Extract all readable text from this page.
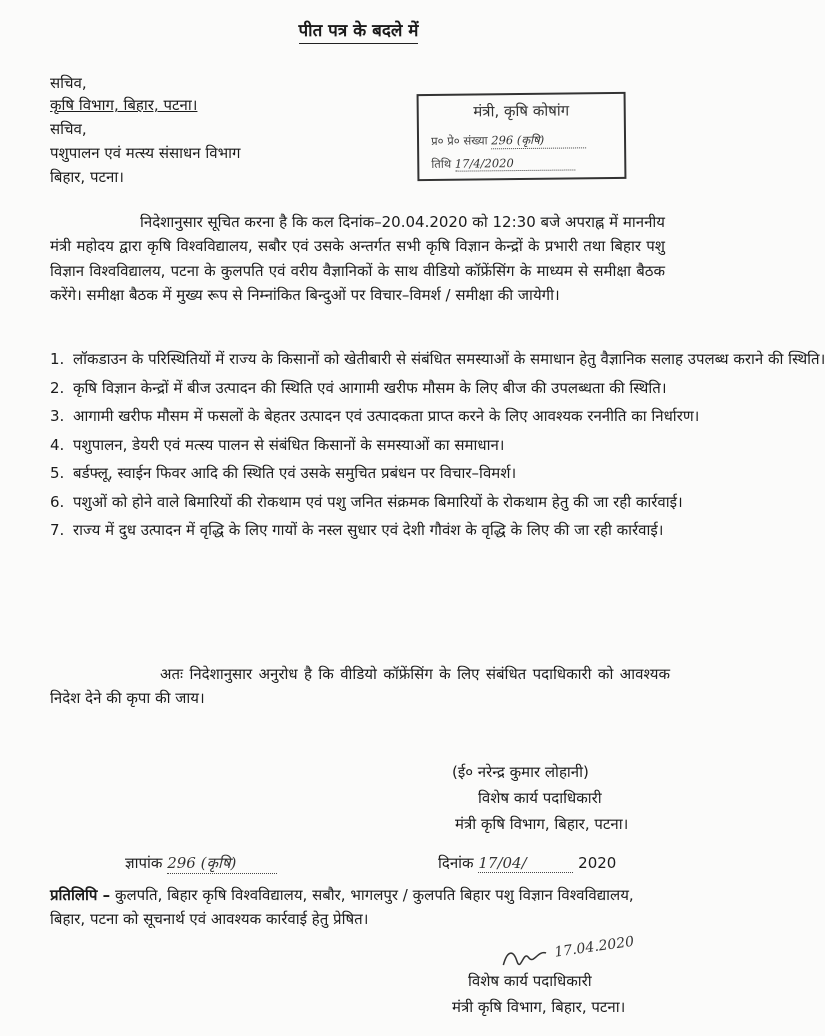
पीत पत्र के बदले में
सचिव,
कृषि विभाग, बिहार, पटना।
सचिव,
पशुपालन एवं मत्स्य संसाधन विभाग
बिहार, पटना।
मंत्री, कृषि कोषांग
प्र० प्रे० संख्या 296 (कृषि)
तिथि 17/4/2020
निदेशानुसार सूचित करना है कि कल दिनांक–20.04.2020 को 12:30 बजे अपराह्न में माननीय मंत्री महोदय द्वारा कृषि विश्वविद्यालय, सबौर एवं उसके अन्तर्गत सभी कृषि विज्ञान केन्द्रों के प्रभारी तथा बिहार पशु विज्ञान विश्वविद्यालय, पटना के कुलपति एवं वरीय वैज्ञानिकों के साथ वीडियो कॉफ्रेंसिंग के माध्यम से समीक्षा बैठक करेंगे। समीक्षा बैठक में मुख्य रूप से निम्नांकित बिन्दुओं पर विचार–विमर्श / समीक्षा की जायेगी।
1. लॉकडाउन के परिस्थितियों में राज्य के किसानों को खेतीबारी से संबंधित समस्याओं के समाधान हेतु वैज्ञानिक सलाह उपलब्ध कराने की स्थिति।
2. कृषि विज्ञान केन्द्रों में बीज उत्पादन की स्थिति एवं आगामी खरीफ मौसम के लिए बीज की उपलब्धता की स्थिति।
3. आगामी खरीफ मौसम में फसलों के बेहतर उत्पादन एवं उत्पादकता प्राप्त करने के लिए आवश्यक रननीति का निर्धारण।
4. पशुपालन, डेयरी एवं मत्स्य पालन से संबंधित किसानों के समस्याओं का समाधान।
5. बर्डफ्लू, स्वाईन फिवर आदि की स्थिति एवं उसके समुचित प्रबंधन पर विचार–विमर्श।
6. पशुओं को होने वाले बिमारियों की रोकथाम एवं पशु जनित संक्रमक बिमारियों के रोकथाम हेतु की जा रही कार्रवाई।
7. राज्य में दुध उत्पादन में वृद्धि के लिए गायों के नस्ल सुधार एवं देशी गौवंश के वृद्धि के लिए की जा रही कार्रवाई।
अतः निदेशानुसार अनुरोध है कि वीडियो कॉफ्रेंसिंग के लिए संबंधित पदाधिकारी को आवश्यक निदेश देने की कृपा की जाय।
(ई० नरेन्द्र कुमार लोहानी)
विशेष कार्य पदाधिकारी
मंत्री कृषि विभाग, बिहार, पटना।
ज्ञापांक 296 (कृषि)	दिनांक 17/04/	2020
प्रतिलिपि – कुलपति, बिहार कृषि विश्वविद्यालय, सबौर, भागलपुर / कुलपति बिहार पशु विज्ञान विश्वविद्यालय, बिहार, पटना को सूचनार्थ एवं आवश्यक कार्रवाई हेतु प्रेषित।
17.04.2020
विशेष कार्य पदाधिकारी
मंत्री कृषि विभाग, बिहार, पटना।
